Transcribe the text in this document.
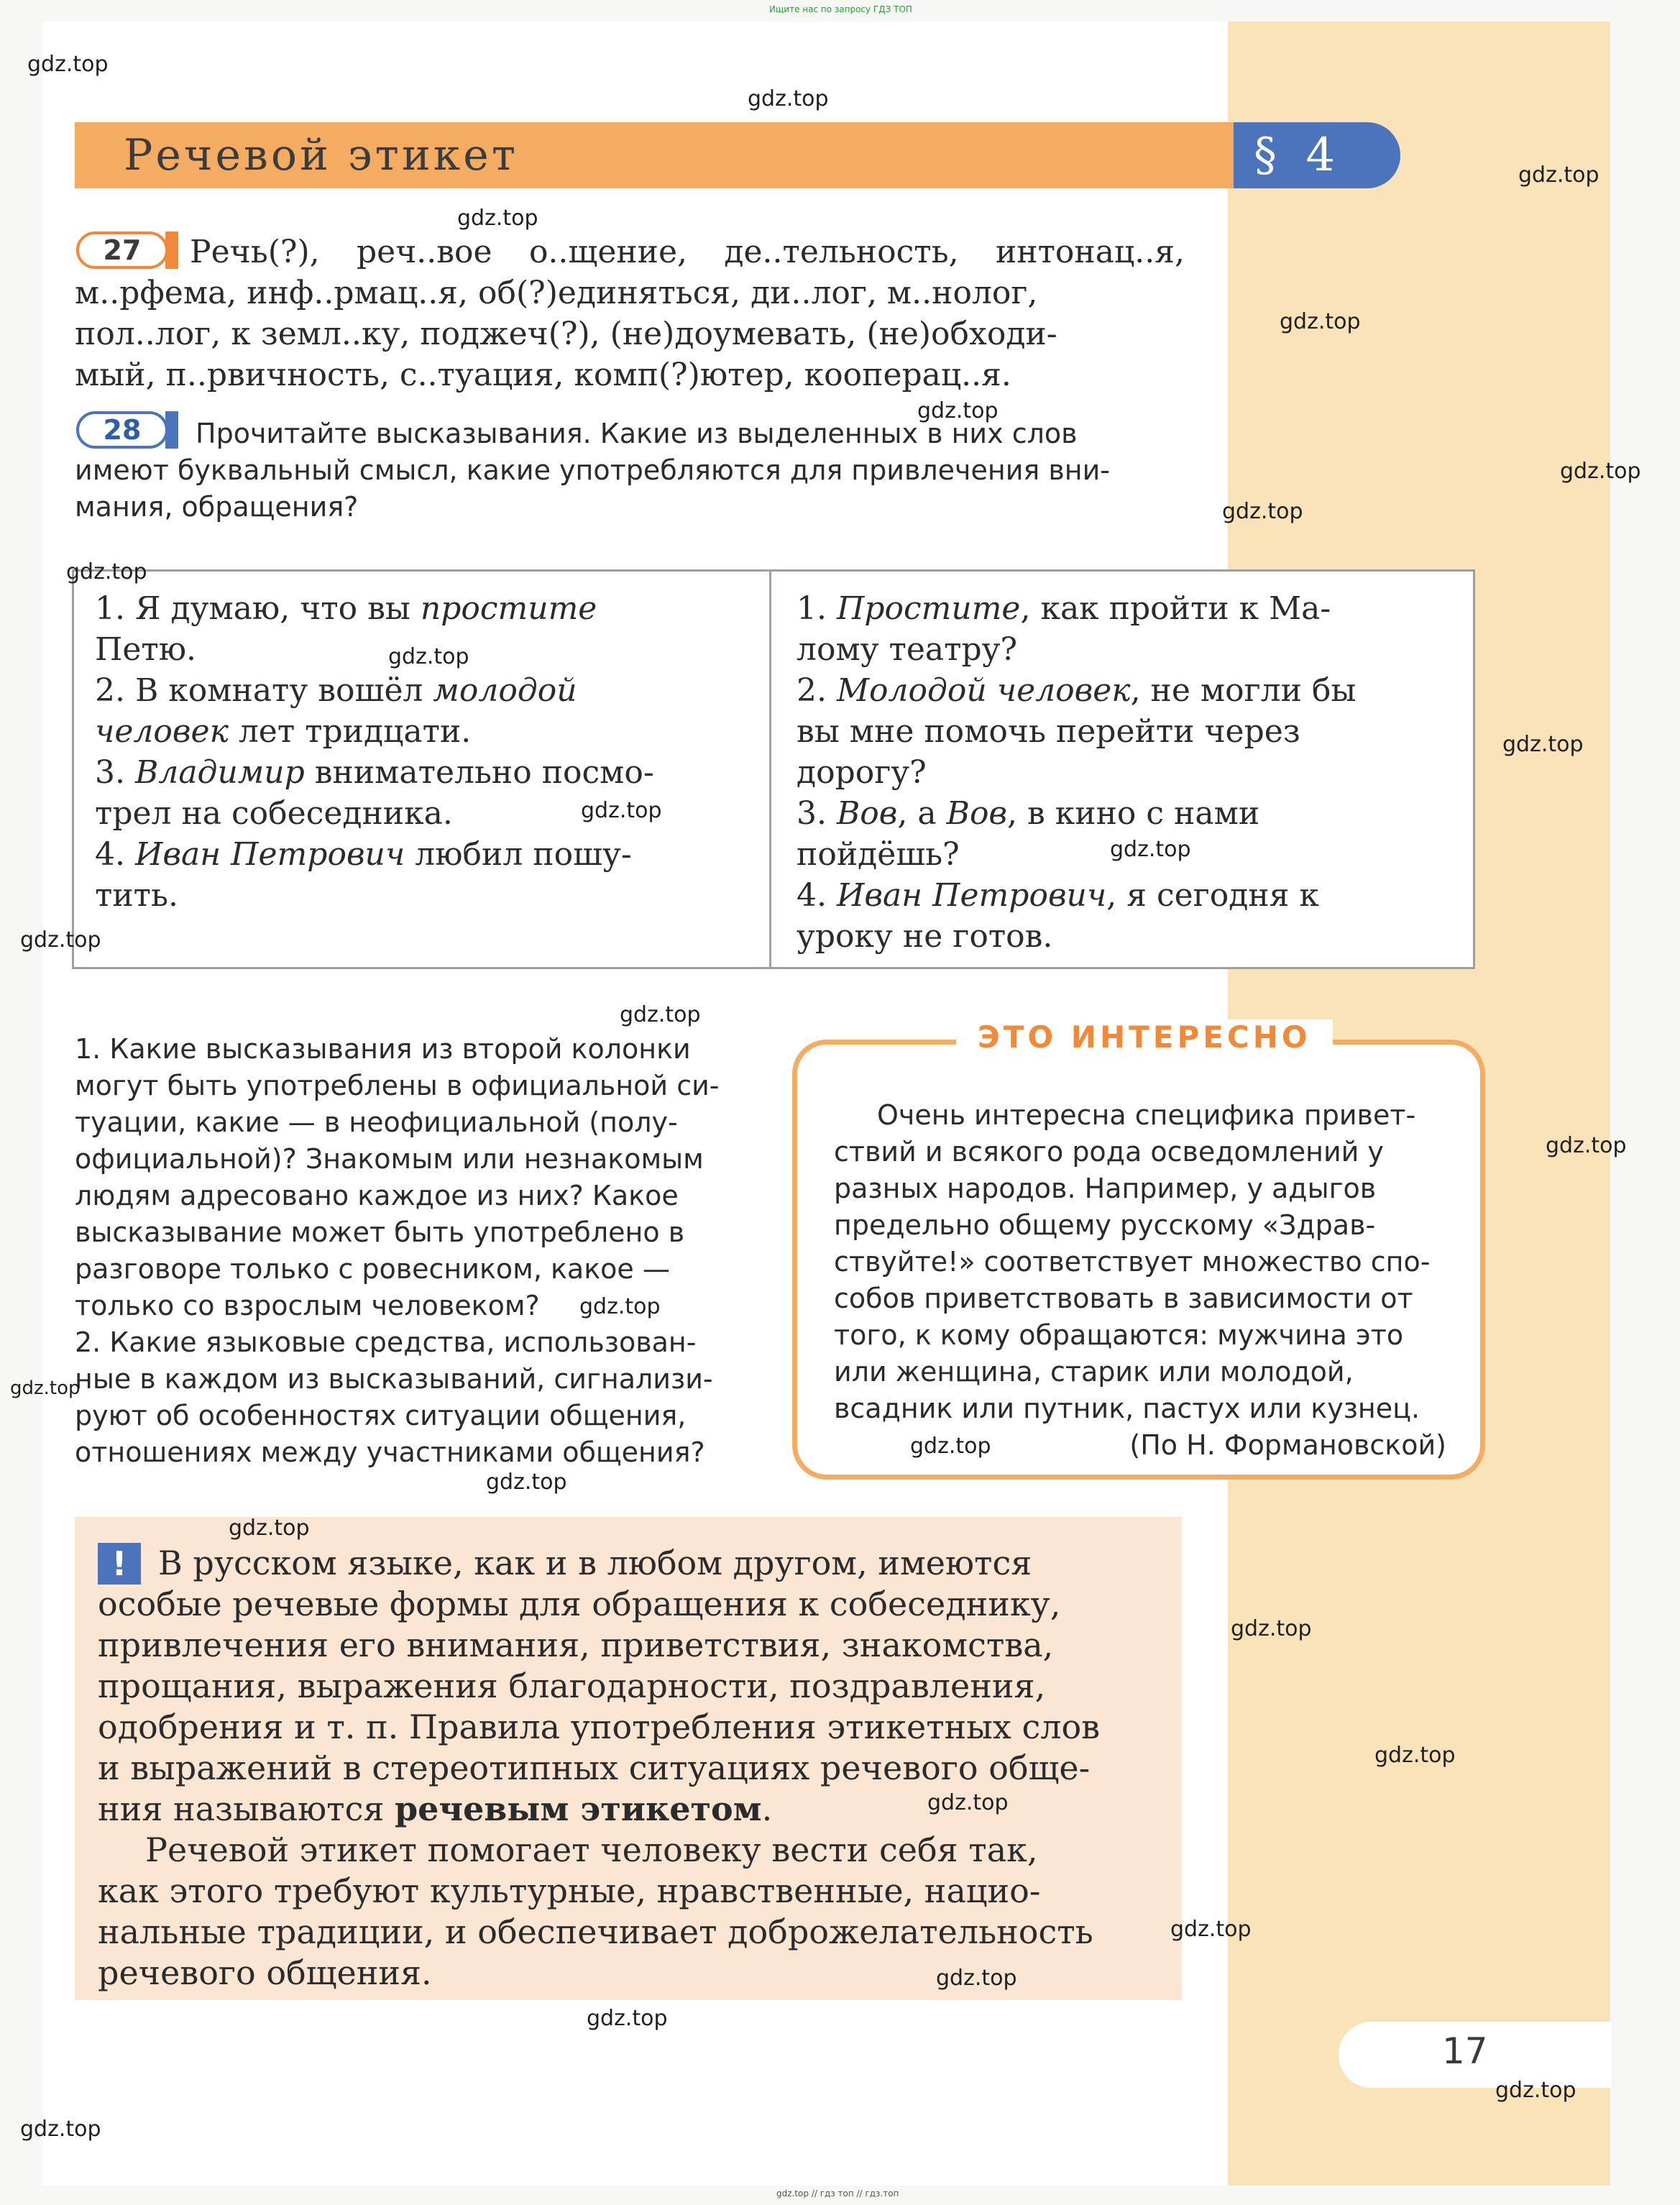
Ищите нас по запросу ГДЗ ТОП
Речевой этикет	§ 4
27	Речь(?), реч..вое о..щение, де..тельность, интонац..я,
м..рфема, инф..рмац..я, об(?)единяться, ди..лог, м..нолог,
пол..лог, к земл..ку, поджеч(?), (не)доумевать, (не)обходи-
мый, п..рвичность, с..туация, комп(?)ютер, кооперац..я.
28	Прочитайте высказывания. Какие из выделенных в них слов
имеют буквальный смысл, какие употребляются для привлечения вни-
мания, обращения?
1. Я думаю, что вы простите
Петю.
2. В комнату вошёл молодой
человек лет тридцати.
3. Владимир внимательно посмо-
трел на собеседника.
4. Иван Петрович любил пошу-
тить.
1. Простите, как пройти к Ма-
лому театру?
2. Молодой человек, не могли бы
вы мне помочь перейти через
дорогу?
3. Вов, а Вов, в кино с нами
пойдёшь?
4. Иван Петрович, я сегодня к
уроку не готов.
1. Какие высказывания из второй колонки
могут быть употреблены в официальной си-
туации, какие — в неофициальной (полу-
официальной)? Знакомым или незнакомым
людям адресовано каждое из них? Какое
высказывание может быть употреблено в
разговоре только с ровесником, какое —
только со взрослым человеком?
2. Какие языковые средства, использован-
ные в каждом из высказываний, сигнализи-
руют об особенностях ситуации общения,
отношениях между участниками общения?
ЭТО ИНТЕРЕСНО
Очень интересна специфика привет-
ствий и всякого рода осведомлений у
разных народов. Например, у адыгов
предельно общему русскому «Здрав-
ствуйте!» соответствует множество спо-
собов приветствовать в зависимости от
того, к кому обращаются: мужчина это
или женщина, старик или молодой,
всадник или путник, пастух или кузнец.
(По Н. Формановской)
! В русском языке, как и в любом другом, имеются
особые речевые формы для обращения к собеседнику,
привлечения его внимания, приветствия, знакомства,
прощания, выражения благодарности, поздравления,
одобрения и т. п. Правила употребления этикетных слов
и выражений в стереотипных ситуациях речевого обще-
ния называются речевым этикетом.
Речевой этикет помогает человеку вести себя так,
как этого требуют культурные, нравственные, нацио-
нальные традиции, и обеспечивает доброжелательность
речевого общения.
17
gdz.top // гдз топ // гдз.топ
gdz.top
gdz.top
gdz.top
gdz.top
gdz.top
gdz.top
gdz.top
gdz.top
gdz.top
gdz.top
gdz.top
gdz.top
gdz.top
gdz.top
gdz.top
gdz.top
gdz.top
gdz.top
gdz.top
gdz.top
gdz.top
gdz.top
gdz.top
gdz.top
gdz.top
gdz.top
gdz.top
gdz.top
gdz.top
